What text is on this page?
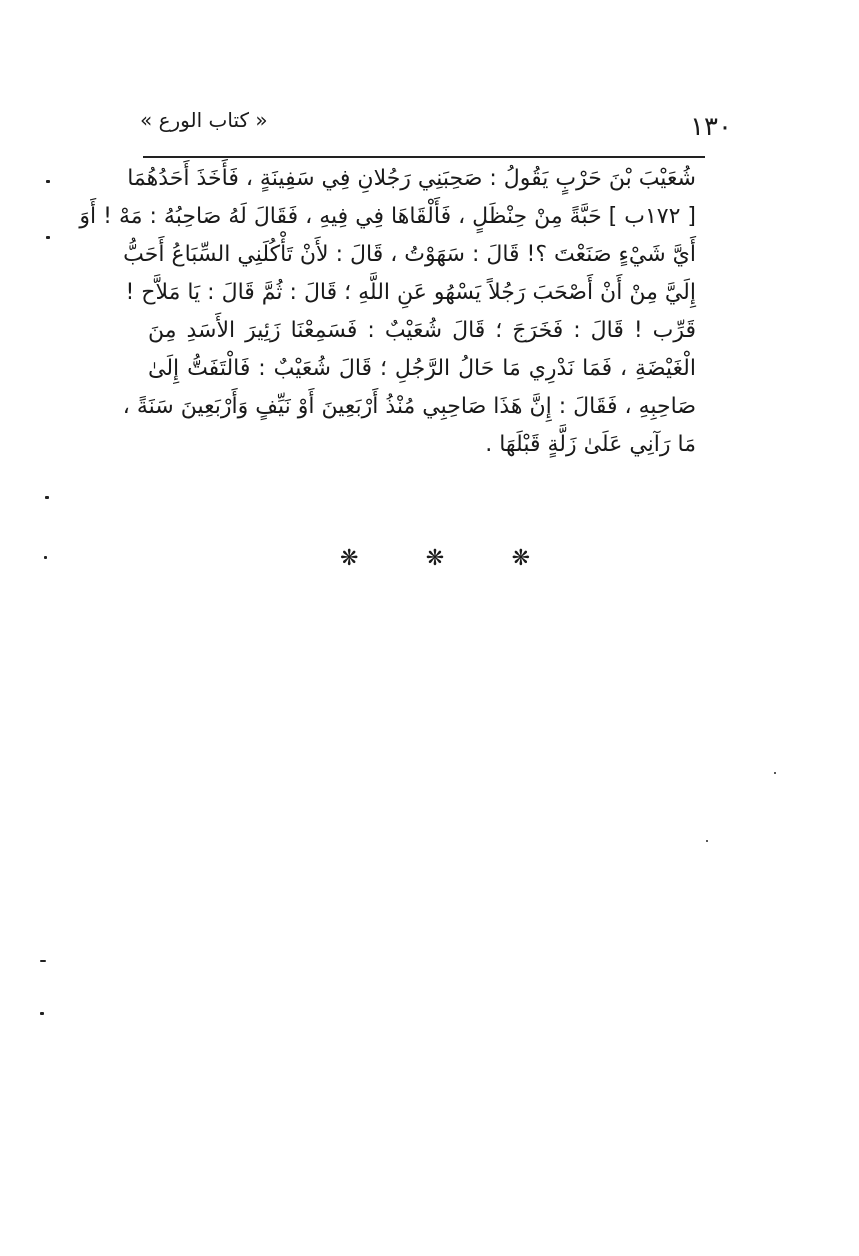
١٣٠
« كتاب الورع »
شُعَيْبَ بْنَ حَرْبٍ يَقُولُ : صَحِبَنِي رَجُلانِ فِي سَفِينَةٍ ، فَأَخَذَ أَحَدُهُمَا
[ ١٧٢ب ] حَبَّةً مِنْ حِنْظَلٍ ، فَأَلْقَاهَا فِي فِيهِ ، فَقَالَ لَهُ صَاحِبُهُ : مَهْ ! أَوَ
أَيَّ شَيْءٍ صَنَعْتَ ؟! قَالَ : سَهَوْتُ ، قَالَ : لأَنْ تَأْكُلَنِي السِّبَاعُ أَحَبُّ
إِلَيَّ مِنْ أَنْ أَصْحَبَ رَجُلاً يَسْهُو عَنِ اللَّهِ ؛ قَالَ : ثُمَّ قَالَ : يَا مَلاَّح !
قَرِّب ! قَالَ : فَخَرَجَ ؛ قَالَ شُعَيْبٌ : فَسَمِعْنَا زَئِيرَ الأَسَدِ مِنَ
الْغَيْضَةِ ، فَمَا نَدْرِي مَا حَالُ الرَّجُلِ ؛ قَالَ شُعَيْبٌ : فَالْتَفَتُّ إِلَىٰ
صَاحِبِهِ ، فَقَالَ : إِنَّ هَذَا صَاحِبِي مُنْذُ أَرْبَعِينَ أَوْ نَيِّفٍ وَأَرْبَعِينَ سَنَةً ،
مَا رَآنِي عَلَىٰ زَلَّةٍ قَبْلَهَا .
❋	❋	❋
